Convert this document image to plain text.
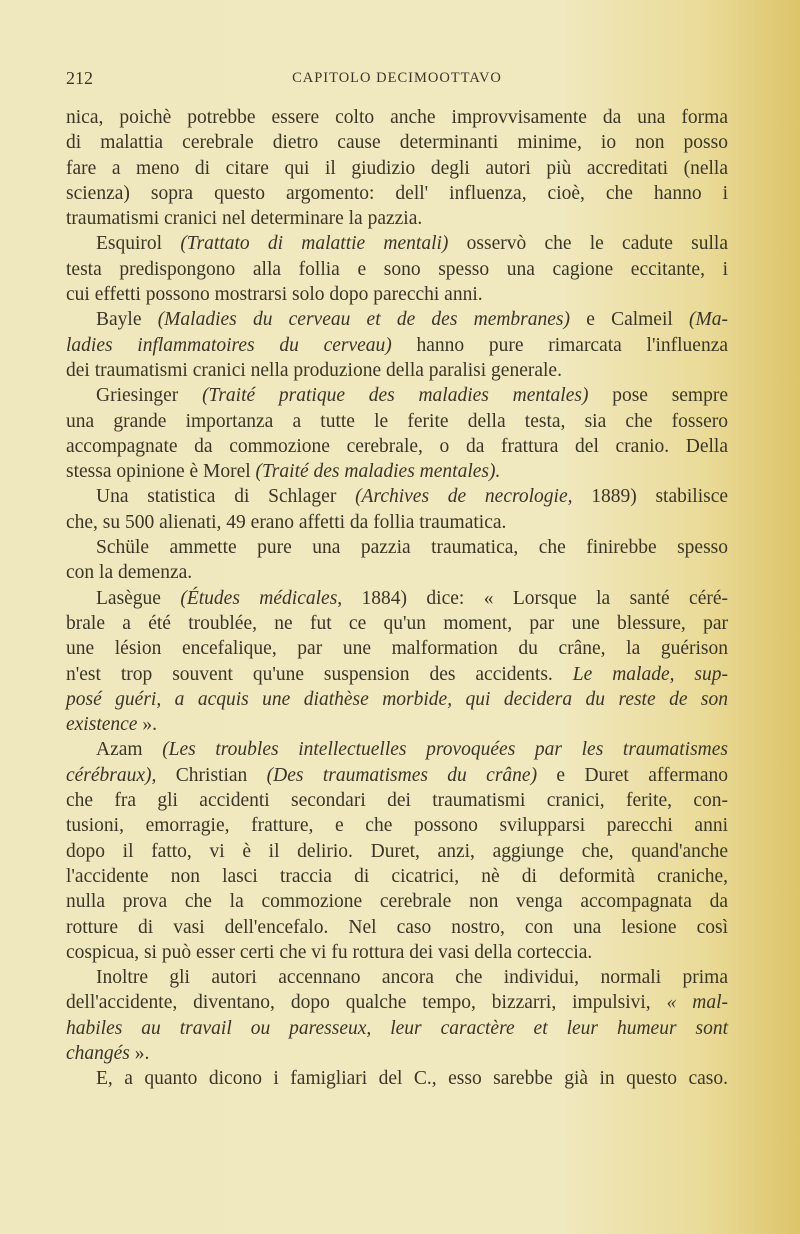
212	CAPITOLO DECIMOOTTAVO
nica, poichè potrebbe essere colto anche improvvisamente da una forma
di malattia cerebrale dietro cause determinanti minime, io non posso
fare a meno di citare qui il giudizio degli autori più accreditati (nella
scienza) sopra questo argomento: dell' influenza, cioè, che hanno i
traumatismi cranici nel determinare la pazzia.
Esquirol (Trattato di malattie mentali) osservò che le cadute sulla
testa predispongono alla follia e sono spesso una cagione eccitante, i
cui effetti possono mostrarsi solo dopo parecchi anni.
Bayle (Maladies du cerveau et de des membranes) e Calmeil (Ma-
ladies inflammatoires du cerveau) hanno pure rimarcata l'influenza
dei traumatismi cranici nella produzione della paralisi generale.
Griesinger (Traité pratique des maladies mentales) pose sempre
una grande importanza a tutte le ferite della testa, sia che fossero
accompagnate da commozione cerebrale, o da frattura del cranio. Della
stessa opinione è Morel (Traité des maladies mentales).
Una statistica di Schlager (Archives de necrologie, 1889) stabilisce
che, su 500 alienati, 49 erano affetti da follia traumatica.
Schüle ammette pure una pazzia traumatica, che finirebbe spesso
con la demenza.
Lasègue (Études médicales, 1884) dice: « Lorsque la santé céré-
brale a été troublée, ne fut ce qu'un moment, par une blessure, par
une lésion encefalique, par une malformation du crâne, la guérison
n'est trop souvent qu'une suspension des accidents. Le malade, sup-
posé guéri, a acquis une diathèse morbide, qui decidera du reste de son
existence ».
Azam (Les troubles intellectuelles provoquées par les traumatismes
cérébraux), Christian (Des traumatismes du crâne) e Duret affermano
che fra gli accidenti secondari dei traumatismi cranici, ferite, con-
tusioni, emorragie, fratture, e che possono svilupparsi parecchi anni
dopo il fatto, vi è il delirio. Duret, anzi, aggiunge che, quand'anche
l'accidente non lasci traccia di cicatrici, nè di deformità craniche,
nulla prova che la commozione cerebrale non venga accompagnata da
rotture di vasi dell'encefalo. Nel caso nostro, con una lesione così
cospicua, si può esser certi che vi fu rottura dei vasi della corteccia.
Inoltre gli autori accennano ancora che individui, normali prima
dell'accidente, diventano, dopo qualche tempo, bizzarri, impulsivi, « mal-
habiles au travail ou paresseux, leur caractère et leur humeur sont
changés ».
E, a quanto dicono i famigliari del C., esso sarebbe già in questo caso.
